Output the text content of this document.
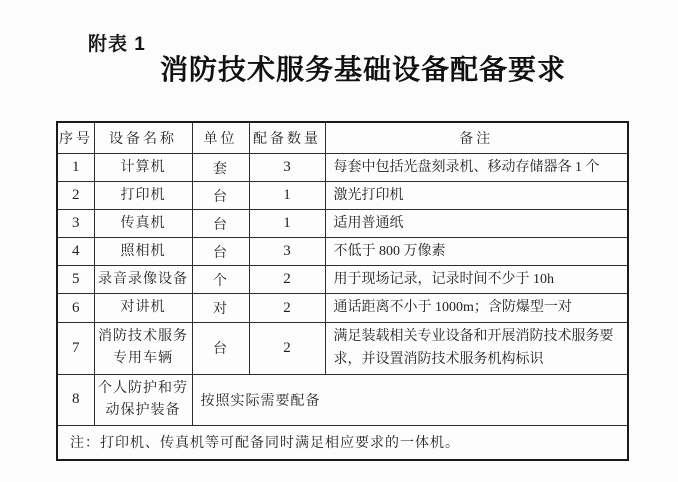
附表 1
消防技术服务基础设备配备要求
序号	设备名称	单位	配备数量	备注
1	计算机	套	3	每套中包括光盘刻录机、移动存储器各 1 个
2	打印机	台	1	激光打印机
3	传真机	台	1	适用普通纸
4	照相机	台	3	不低于 800 万像素
5	录音录像设备	个	2	用于现场记录，记录时间不少于 10h
6	对讲机	对	2	通话距离不小于 1000m；含防爆型一对
7	消防技术服务专用车辆	台	2	满足装载相关专业设备和开展消防技术服务要求，并设置消防技术服务机构标识
8	个人防护和劳动保护装备	按照实际需要配备		
注：打印机、传真机等可配备同时满足相应要求的一体机。				
